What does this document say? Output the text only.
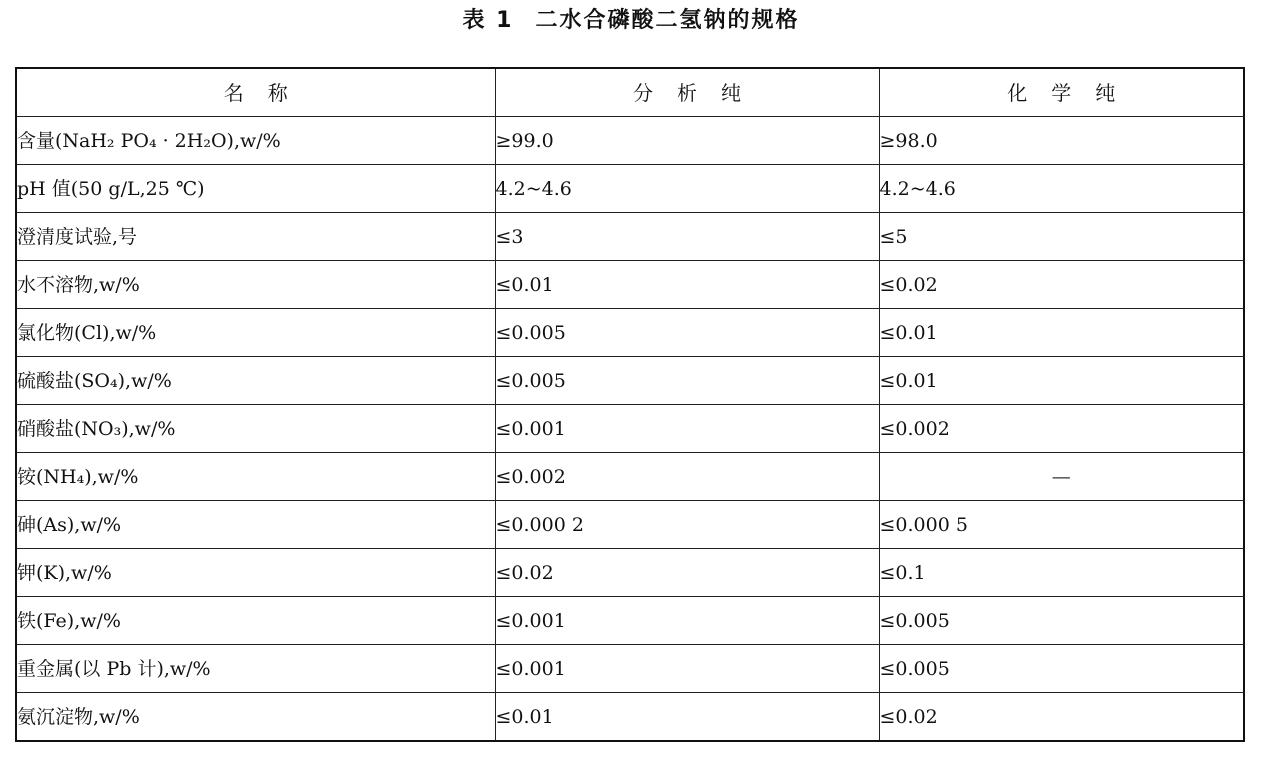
表 1 二水合磷酸二氢钠的规格
名称	分析纯	化学纯
含量(NaH₂ PO₄ · 2H₂O),w/%	≥99.0	≥98.0
pH 值(50 g/L,25 ℃)	4.2~4.6	4.2~4.6
澄清度试验,号	≤3	≤5
水不溶物,w/%	≤0.01	≤0.02
氯化物(Cl),w/%	≤0.005	≤0.01
硫酸盐(SO₄),w/%	≤0.005	≤0.01
硝酸盐(NO₃),w/%	≤0.001	≤0.002
铵(NH₄),w/%	≤0.002	—
砷(As),w/%	≤0.000 2	≤0.000 5
钾(K),w/%	≤0.02	≤0.1
铁(Fe),w/%	≤0.001	≤0.005
重金属(以 Pb 计),w/%	≤0.001	≤0.005
氨沉淀物,w/%	≤0.01	≤0.02
